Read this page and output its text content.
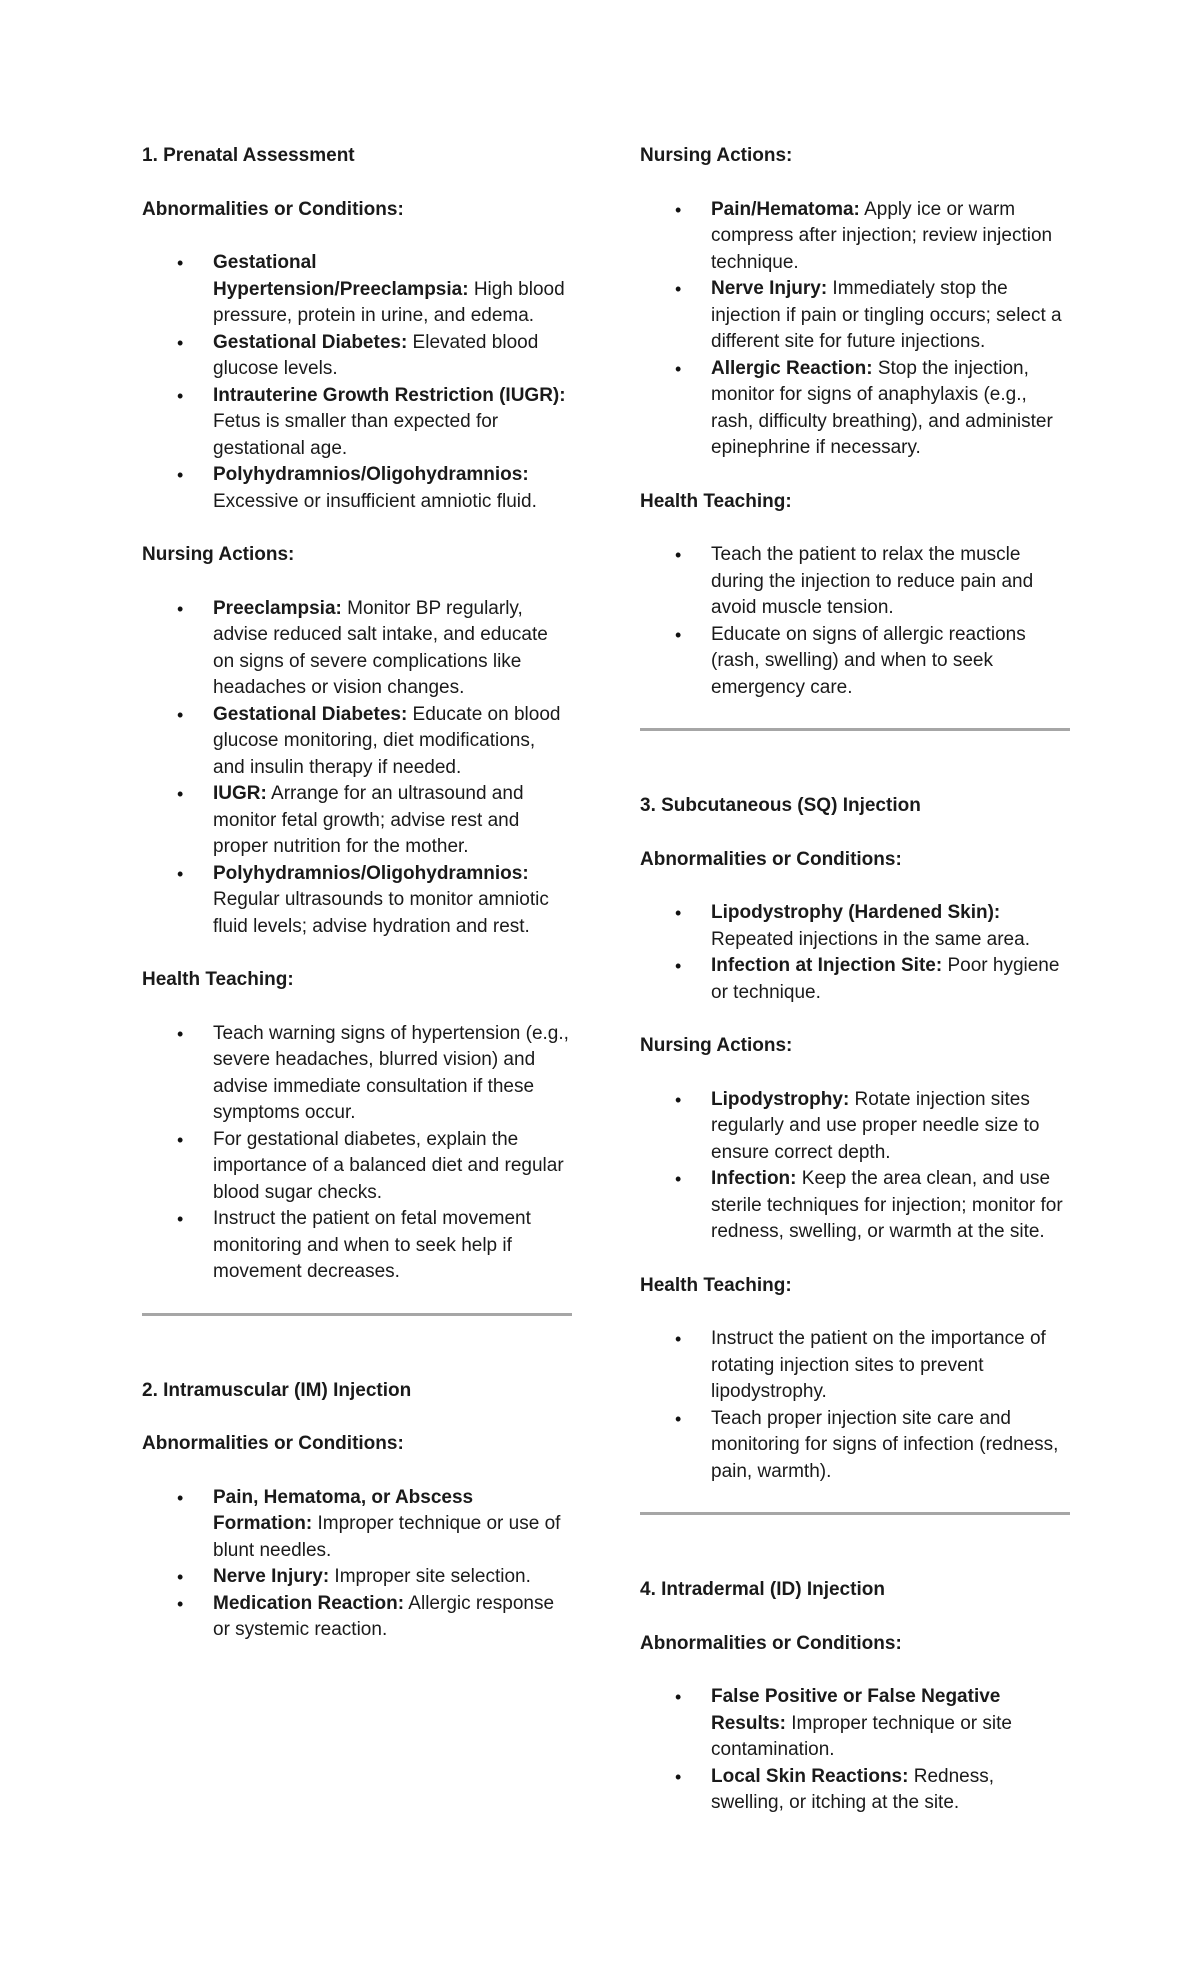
1. Prenatal Assessment
Abnormalities or Conditions:
• Gestational Hypertension/Preeclampsia: High blood pressure, protein in urine, and edema.
• Gestational Diabetes: Elevated blood glucose levels.
• Intrauterine Growth Restriction (IUGR): Fetus is smaller than expected for gestational age.
• Polyhydramnios/Oligohydramnios: Excessive or insufficient amniotic fluid.
Nursing Actions:
• Preeclampsia: Monitor BP regularly, advise reduced salt intake, and educate on signs of severe complications like headaches or vision changes.
• Gestational Diabetes: Educate on blood glucose monitoring, diet modifications, and insulin therapy if needed.
• IUGR: Arrange for an ultrasound and monitor fetal growth; advise rest and proper nutrition for the mother.
• Polyhydramnios/Oligohydramnios: Regular ultrasounds to monitor amniotic fluid levels; advise hydration and rest.
Health Teaching:
• Teach warning signs of hypertension (e.g., severe headaches, blurred vision) and advise immediate consultation if these symptoms occur.
• For gestational diabetes, explain the importance of a balanced diet and regular blood sugar checks.
• Instruct the patient on fetal movement monitoring and when to seek help if movement decreases.
2. Intramuscular (IM) Injection
Abnormalities or Conditions:
• Pain, Hematoma, or Abscess Formation: Improper technique or use of blunt needles.
• Nerve Injury: Improper site selection.
• Medication Reaction: Allergic response or systemic reaction.
Nursing Actions:
• Pain/Hematoma: Apply ice or warm compress after injection; review injection technique.
• Nerve Injury: Immediately stop the injection if pain or tingling occurs; select a different site for future injections.
• Allergic Reaction: Stop the injection, monitor for signs of anaphylaxis (e.g., rash, difficulty breathing), and administer epinephrine if necessary.
Health Teaching:
• Teach the patient to relax the muscle during the injection to reduce pain and avoid muscle tension.
• Educate on signs of allergic reactions (rash, swelling) and when to seek emergency care.
3. Subcutaneous (SQ) Injection
Abnormalities or Conditions:
• Lipodystrophy (Hardened Skin): Repeated injections in the same area.
• Infection at Injection Site: Poor hygiene or technique.
Nursing Actions:
• Lipodystrophy: Rotate injection sites regularly and use proper needle size to ensure correct depth.
• Infection: Keep the area clean, and use sterile techniques for injection; monitor for redness, swelling, or warmth at the site.
Health Teaching:
• Instruct the patient on the importance of rotating injection sites to prevent lipodystrophy.
• Teach proper injection site care and monitoring for signs of infection (redness, pain, warmth).
4. Intradermal (ID) Injection
Abnormalities or Conditions:
• False Positive or False Negative Results: Improper technique or site contamination.
• Local Skin Reactions: Redness, swelling, or itching at the site.
